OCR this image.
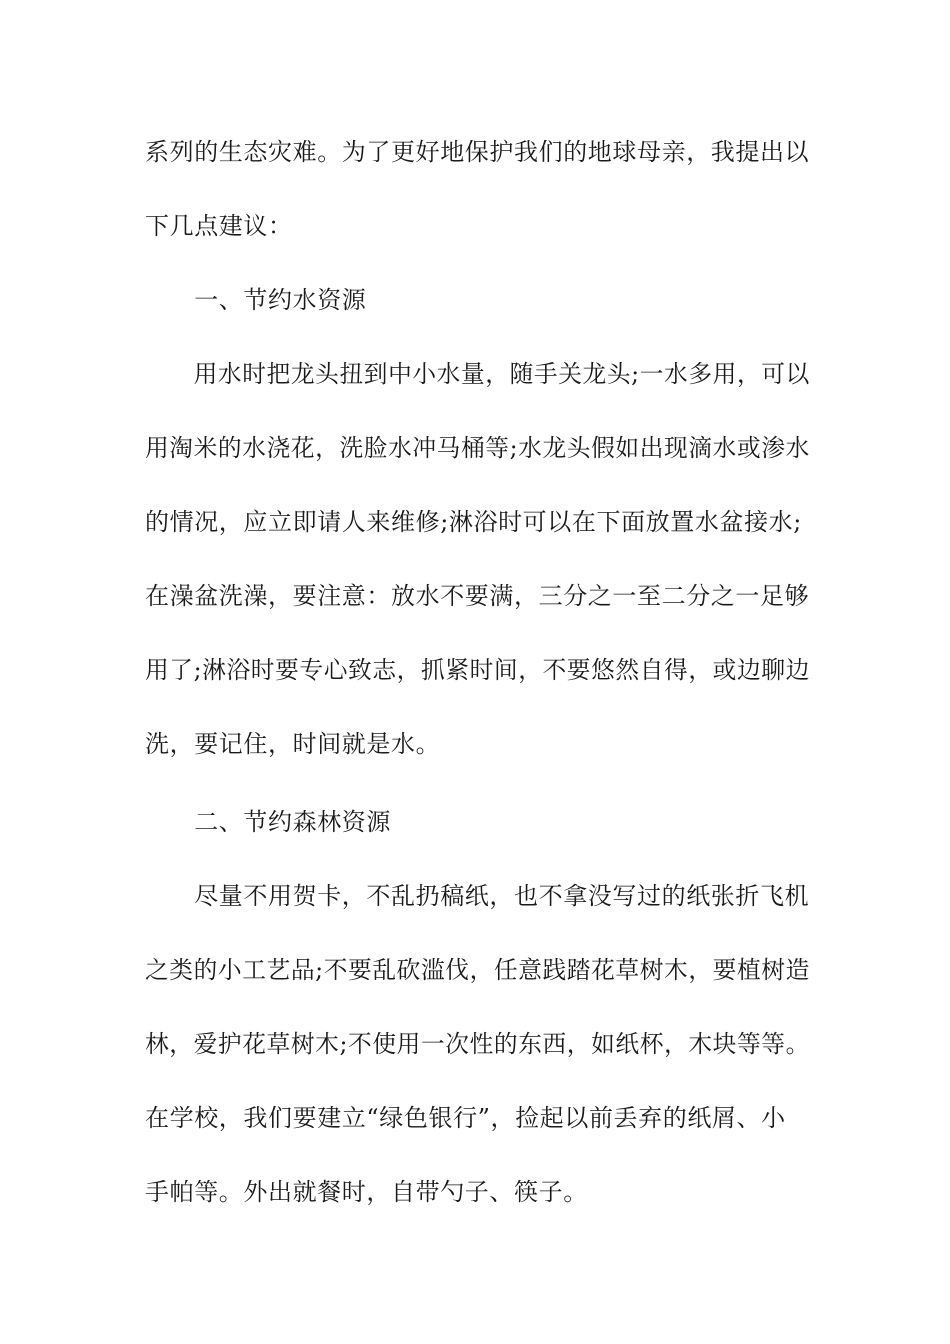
系列的生态灾难。为了更好地保护我们的地球母亲，我提出以
下几点建议：
　　一、节约水资源
　　用水时把龙头扭到中小水量，随手关龙头;一水多用，可以
用淘米的水浇花，洗脸水冲马桶等;水龙头假如出现滴水或渗水
的情况，应立即请人来维修;淋浴时可以在下面放置水盆接水;
在澡盆洗澡，要注意：放水不要满，三分之一至二分之一足够
用了;淋浴时要专心致志，抓紧时间，不要悠然自得，或边聊边
洗，要记住，时间就是水。
　　二、节约森林资源
　　尽量不用贺卡，不乱扔稿纸，也不拿没写过的纸张折飞机
之类的小工艺品;不要乱砍滥伐，任意践踏花草树木，要植树造
林，爱护花草树木;不使用一次性的东西，如纸杯，木块等等。
在学校，我们要建立“绿色银行”，捡起以前丢弃的纸屑、小
手帕等。外出就餐时，自带勺子、筷子。
